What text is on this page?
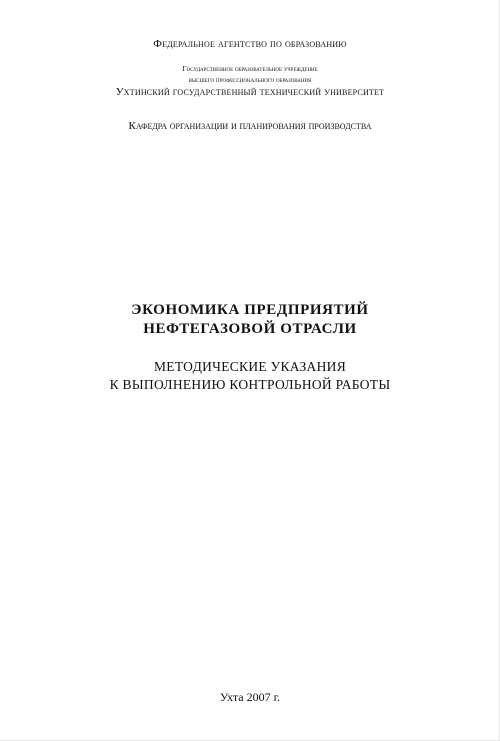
Федеральное агентство по образованию
Государственное образовательное учреждение
высшего профессионального образования
Ухтинский государственный технический университет
Кафедра организации и планирования производства
ЭКОНОМИКА ПРЕДПРИЯТИЙ
НЕФТЕГАЗОВОЙ ОТРАСЛИ
МЕТОДИЧЕСКИЕ УКАЗАНИЯ
К ВЫПОЛНЕНИЮ КОНТРОЛЬНОЙ РАБОТЫ
Ухта 2007 г.
